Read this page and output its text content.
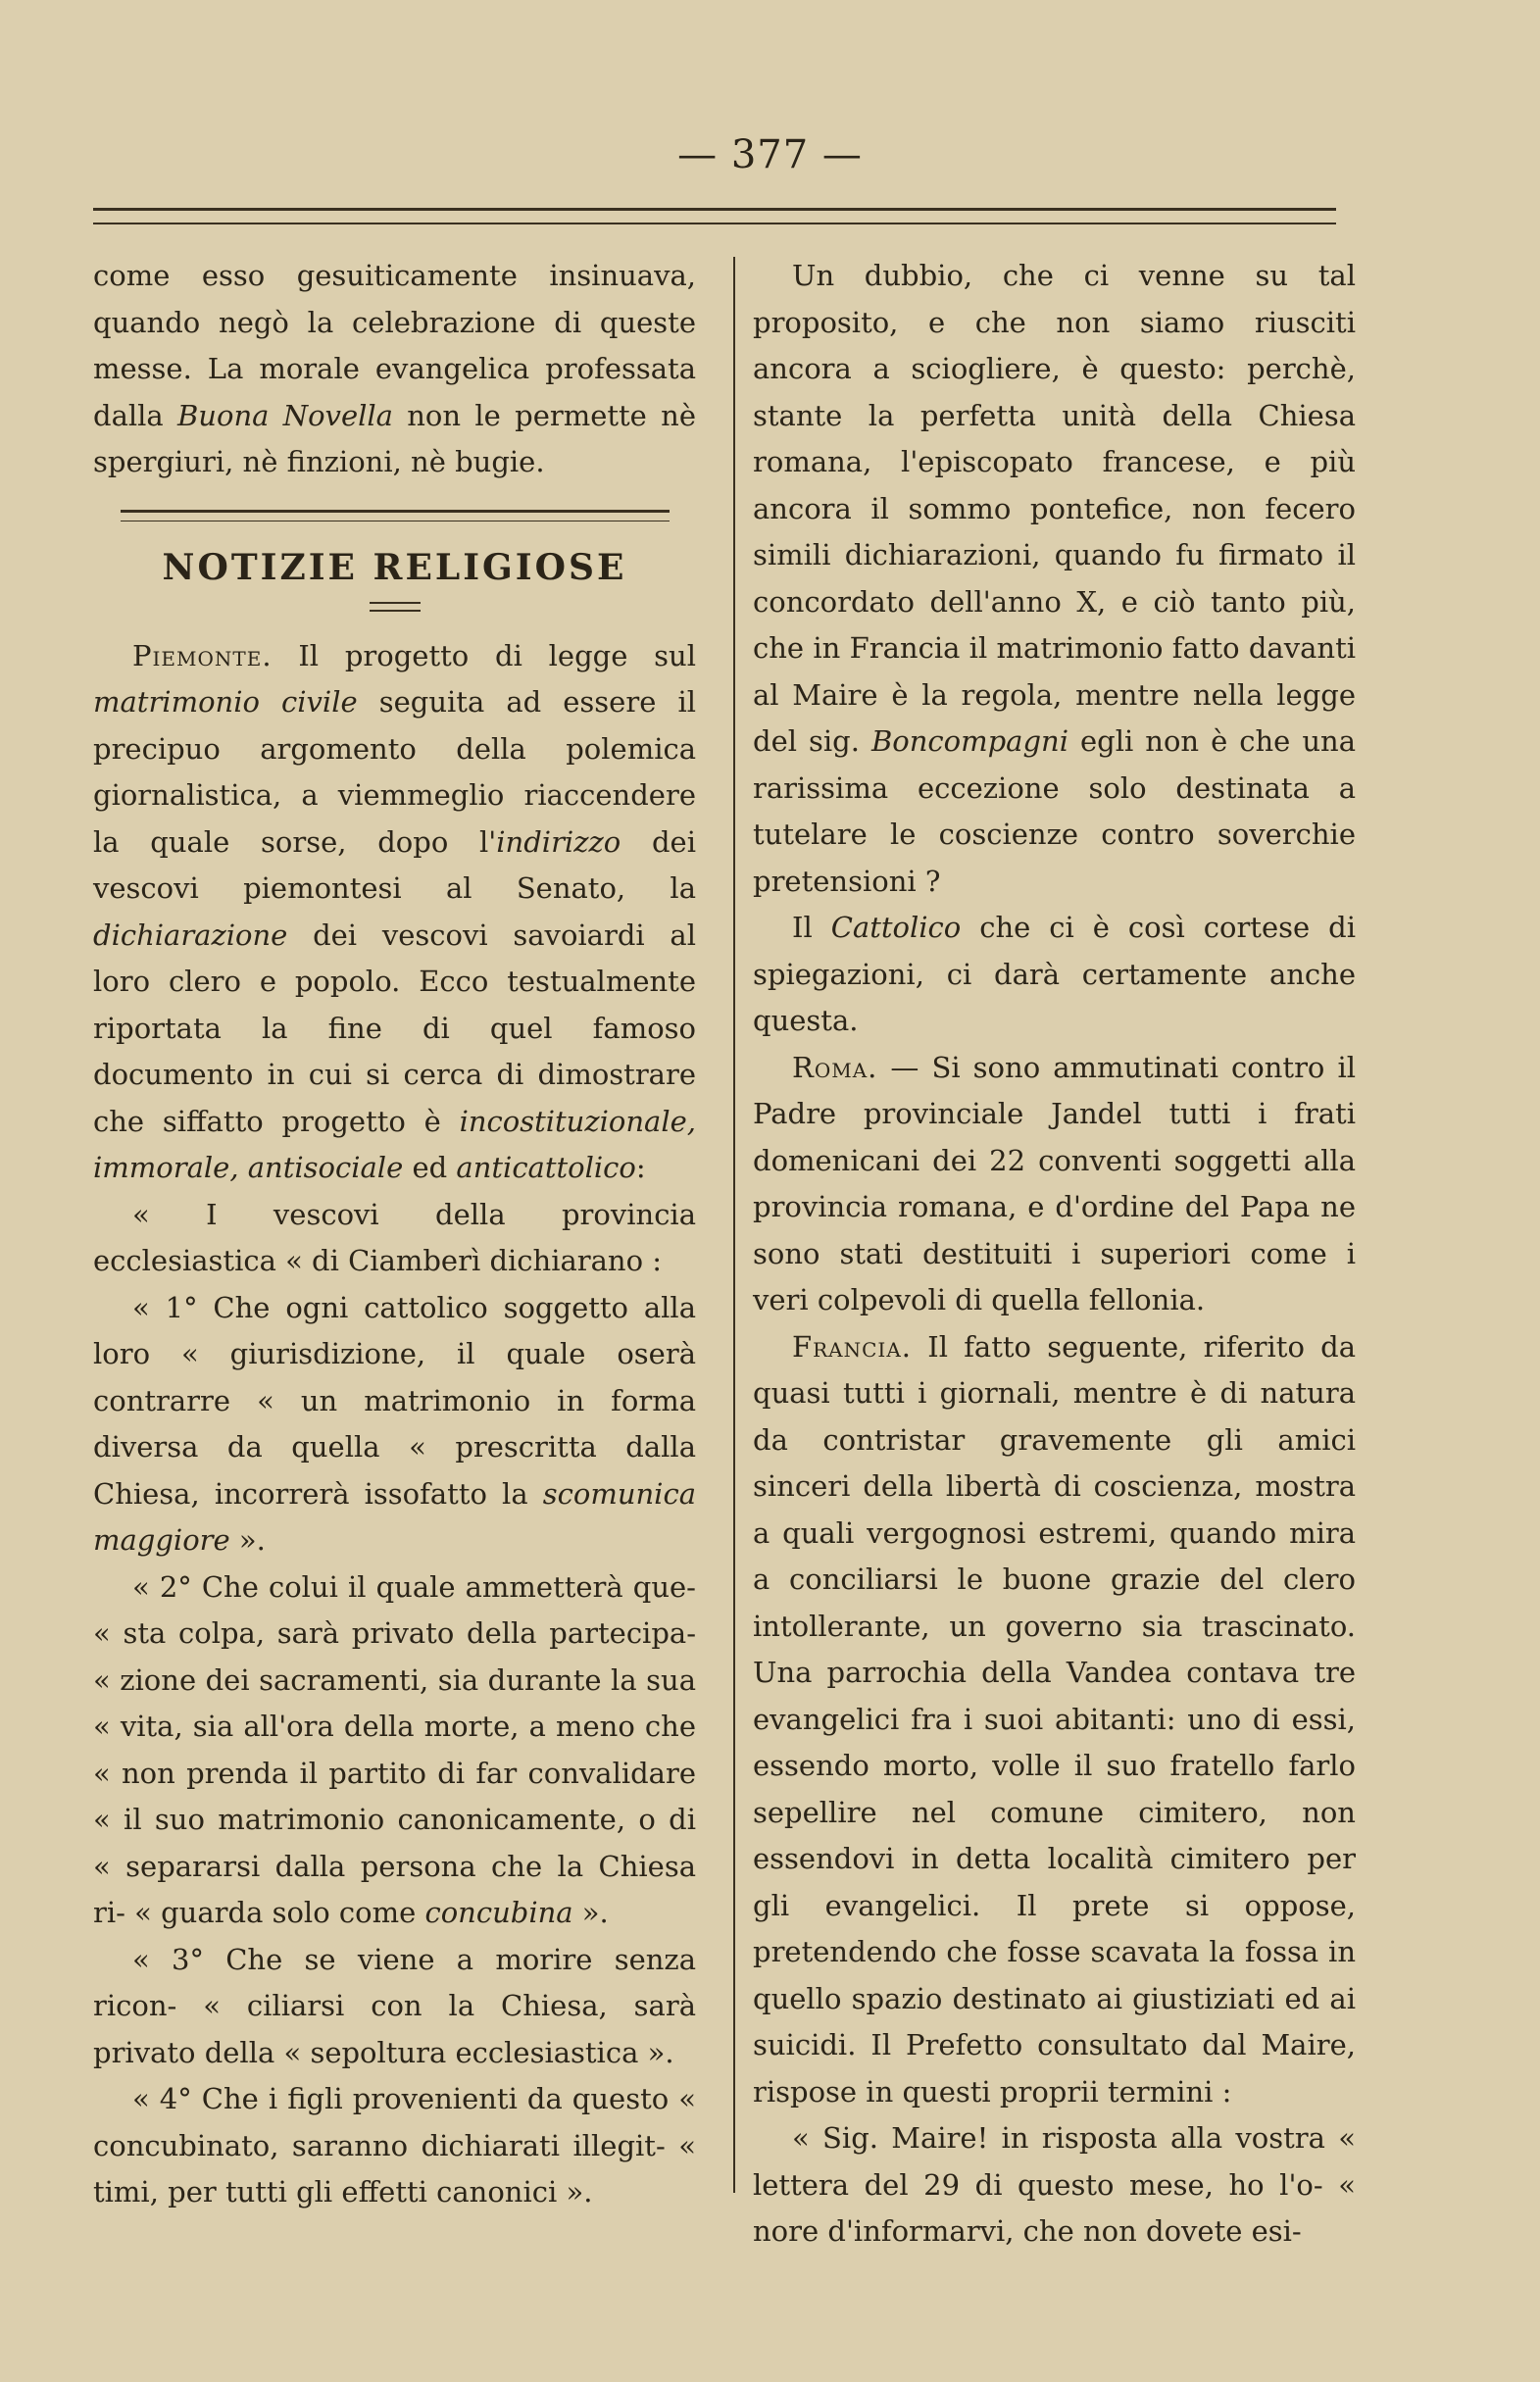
— 377 —

come esso gesuiticamente insinuava, quando negò la celebrazione di queste messe. La morale evangelica professata dalla Buona Novella non le permette nè spergiuri, nè finzioni, nè bugie.

NOTIZIE RELIGIOSE

Piemonte. Il progetto di legge sul matrimonio civile seguita ad essere il precipuo argomento della polemica giornalistica, a viemmeglio riaccendere la quale sorse, dopo l'indirizzo dei vescovi piemontesi al Senato, la dichiarazione dei vescovi savoiardi al loro clero e popolo. Ecco testualmente riportata la fine di quel famoso documento in cui si cerca di dimostrare che siffatto progetto è incostituzionale, immorale, antisociale ed anticattolico:

« I vescovi della provincia ecclesiastica « di Ciamberì dichiarano :

« 1° Che ogni cattolico soggetto alla loro « giurisdizione, il quale oserà contrarre « un matrimonio in forma diversa da quella « prescritta dalla Chiesa, incorrerà issofatto la scomunica maggiore ».

« 2° Che colui il quale ammetterà que- « sta colpa, sarà privato della partecipa- « zione dei sacramenti, sia durante la sua « vita, sia all'ora della morte, a meno che « non prenda il partito di far convalidare « il suo matrimonio canonicamente, o di « separarsi dalla persona che la Chiesa ri- « guarda solo come concubina ».

« 3° Che se viene a morire senza ricon- « ciliarsi con la Chiesa, sarà privato della « sepoltura ecclesiastica ».

« 4° Che i figli provenienti da questo « concubinato, saranno dichiarati illegit- « timi, per tutti gli effetti canonici ».

Un dubbio, che ci venne su tal proposito, e che non siamo riusciti ancora a sciogliere, è questo: perchè, stante la perfetta unità della Chiesa romana, l'episcopato francese, e più ancora il sommo pontefice, non fecero simili dichiarazioni, quando fu firmato il concordato dell'anno X, e ciò tanto più, che in Francia il matrimonio fatto davanti al Maire è la regola, mentre nella legge del sig. Boncompagni egli non è che una rarissima eccezione solo destinata a tutelare le coscienze contro soverchie pretensioni ?

Il Cattolico che ci è così cortese di spiegazioni, ci darà certamente anche questa.

Roma. — Si sono ammutinati contro il Padre provinciale Jandel tutti i frati domenicani dei 22 conventi soggetti alla provincia romana, e d'ordine del Papa ne sono stati destituiti i superiori come i veri colpevoli di quella fellonia.

Francia. Il fatto seguente, riferito da quasi tutti i giornali, mentre è di natura da contristar gravemente gli amici sinceri della libertà di coscienza, mostra a quali vergognosi estremi, quando mira a conciliarsi le buone grazie del clero intollerante, un governo sia trascinato. Una parrochia della Vandea contava tre evangelici fra i suoi abitanti: uno di essi, essendo morto, volle il suo fratello farlo sepellire nel comune cimitero, non essendovi in detta località cimitero per gli evangelici. Il prete si oppose, pretendendo che fosse scavata la fossa in quello spazio destinato ai giustiziati ed ai suicidi. Il Prefetto consultato dal Maire, rispose in questi proprii termini :

« Sig. Maire! in risposta alla vostra « lettera del 29 di questo mese, ho l'o- « nore d'informarvi, che non dovete esi-
